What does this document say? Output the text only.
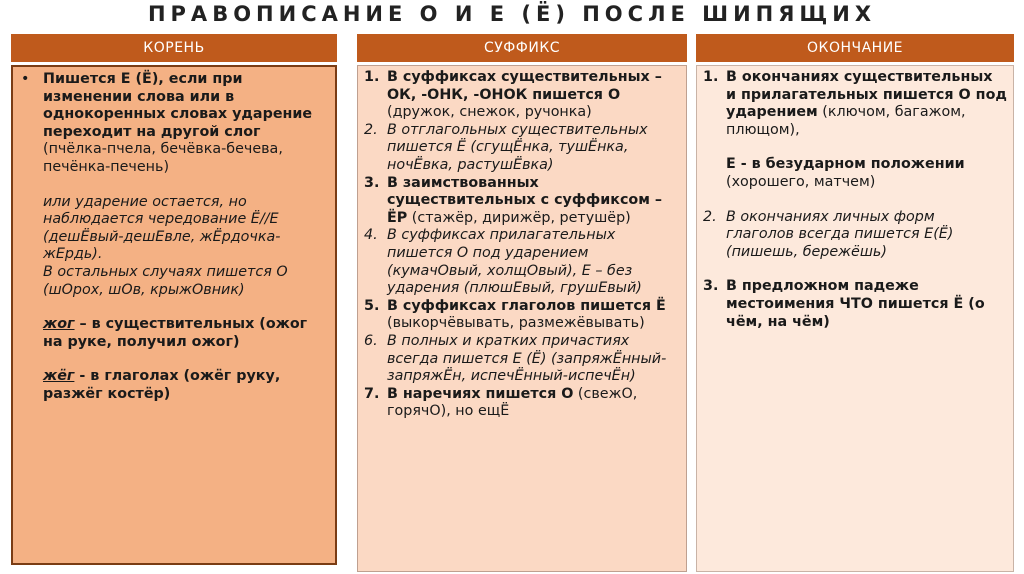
ПРАВОПИСАНИЕ О И Е (Ё) ПОСЛЕ ШИПЯЩИХ
КОРЕНЬ
• Пишется Е (Ё), если при изменении слова или в однокоренных словах ударение переходит на другой слог (пчёлка-пчела, бечёвка-бечева, печёнка-печень)
или ударение остается, но наблюдается чередование Ё//Е (дешЁвый-дешЕвле, жЁрдочка-жЕрдь).
В остальных случаях пишется О (шОрох, шОв, крыжОвник)
жог – в существительных (ожог на руке, получил ожог)
жёг - в глаголах (ожёг руку, разжёг костёр)
СУФФИКС
1. В суффиксах существительных –ОК, -ОНК, -ОНОК пишется О (дружок, снежок, ручонка)
2. В отглагольных существительных пишется Ё (сгущЁнка, тушЁнка, ночЁвка, растушЁвка)
3. В заимствованных существительных с суффиксом –ЁР (стажёр, дирижёр, ретушёр)
4. В суффиксах прилагательных пишется О под ударением (кумачОвый, холщОвый), Е – без ударения (плюшЕвый, грушЕвый)
5. В суффиксах глаголов пишется Ё (выкорчёвывать, размежёвывать)
6. В полных и кратких причастиях всегда пишется Е (Ё) (запряжЁнный-запряжЁн, испечЁнный-испечЁн)
7. В наречиях пишется О (свежО, горячО), но ещЁ
ОКОНЧАНИЕ
1. В окончаниях существительных и прилагательных пишется О под ударением (ключом, багажом, плющом),
Е - в безударном положении (хорошего, матчем)
2. В окончаниях личных форм глаголов всегда пишется Е(Ё) (пишешь, бережёшь)
3. В предложном падеже местоимения ЧТО пишется Ё (о чём, на чём)
